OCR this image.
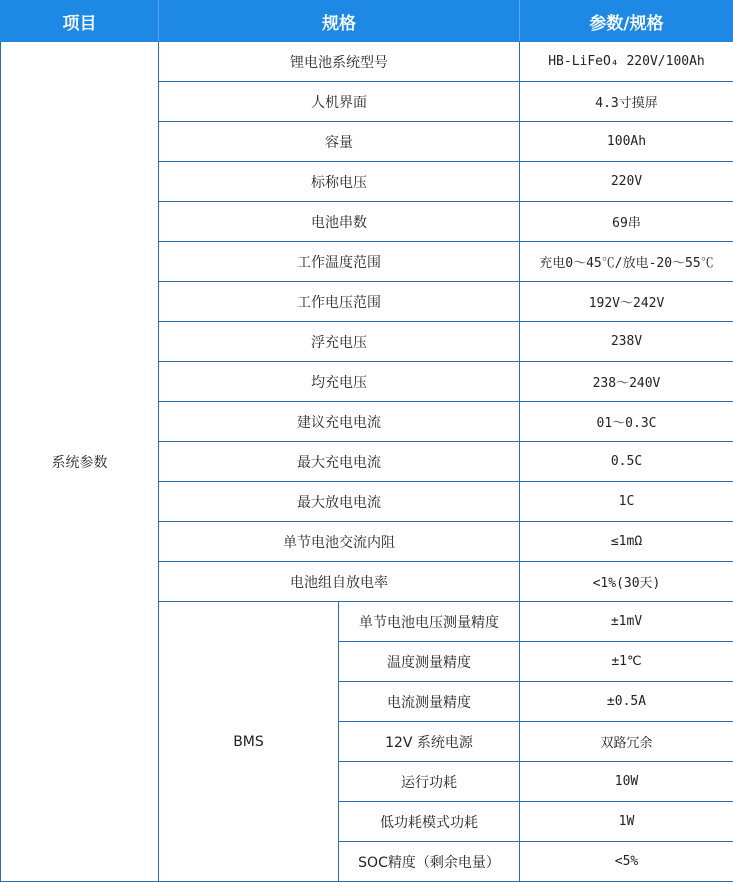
项目	规格		参数/规格
系统参数	锂电池系统型号		HB-LiFeO₄ 220V/100Ah
	人机界面		4.3寸摸屏
	容量		100Ah
	标称电压		220V
	电池串数		69串
	工作温度范围		充电0～45℃/放电-20～55℃
	工作电压范围		192V～242V
	浮充电压		238V
	均充电压		238～240V
	建议充电电流		01～0.3C
	最大充电电流		0.5C
	最大放电电流		1C
	单节电池交流内阻		≤1mΩ
	电池组自放电率		<1%(30天)
	BMS	单节电池电压测量精度	±1mV
		温度测量精度	±1℃
		电流测量精度	±0.5A
		12V 系统电源	双路冗余
		运行功耗	10W
		低功耗模式功耗	1W
		SOC精度（剩余电量）	<5%
